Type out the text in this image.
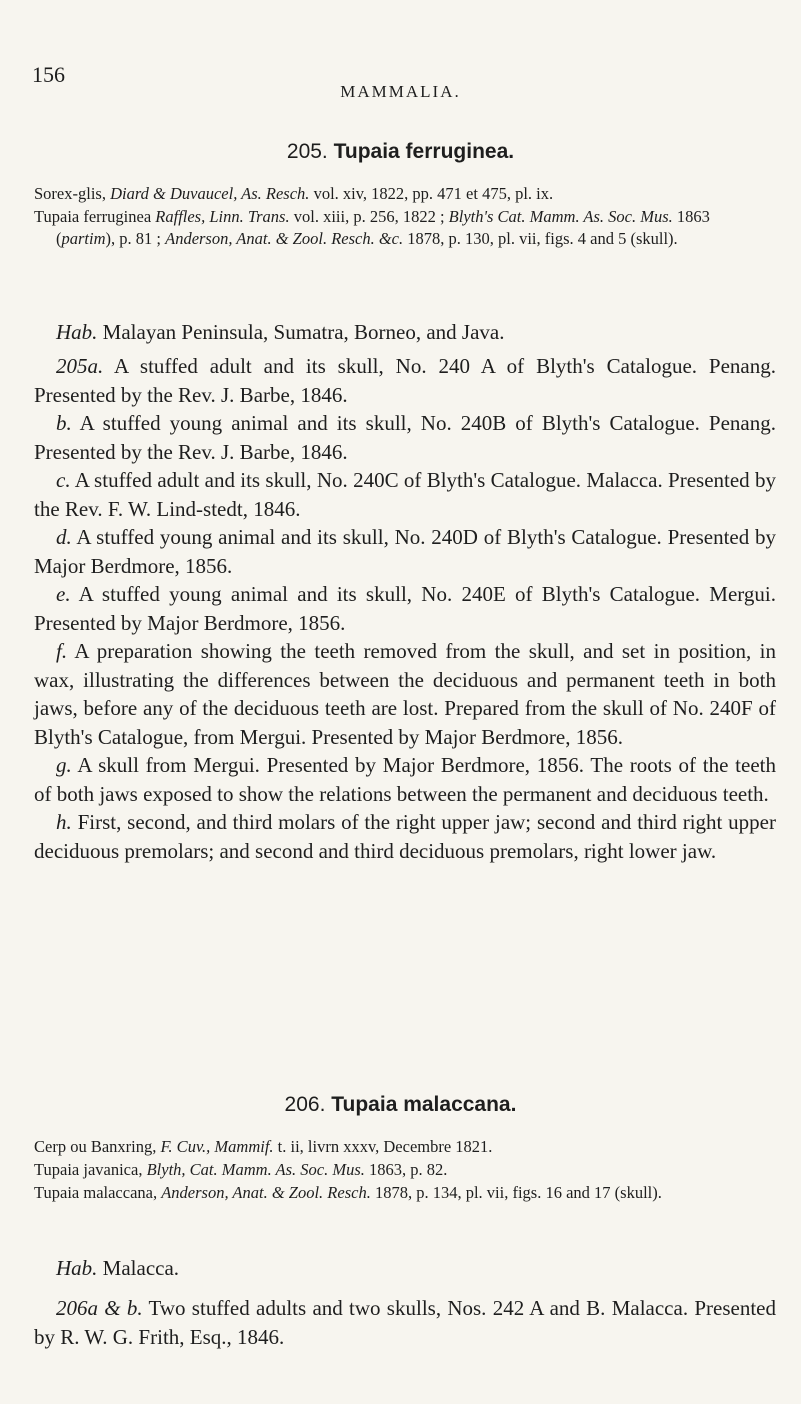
156
MAMMALIA.
205. Tupaia ferruginea.

Sorex-glis, Diard & Duvaucel, As. Resch. vol. xiv, 1822, pp. 471 et 475, pl. ix.

Tupaia ferruginea Raffles, Linn. Trans. vol. xiii, p. 256, 1822 ; Blyth's Cat. Mamm. As. Soc. Mus. 1863 (partim), p. 81 ; Anderson, Anat. & Zool. Resch. &c. 1878, p. 130, pl. vii, figs. 4 and 5 (skull).

Hab. Malayan Peninsula, Sumatra, Borneo, and Java.

205a. A stuffed adult and its skull, No. 240 A of Blyth's Catalogue. Penang. Presented by the Rev. J. Barbe, 1846.

b. A stuffed young animal and its skull, No. 240B of Blyth's Catalogue. Penang. Presented by the Rev. J. Barbe, 1846.

c. A stuffed adult and its skull, No. 240C of Blyth's Catalogue. Malacca. Presented by the Rev. F. W. Lind-stedt, 1846.

d. A stuffed young animal and its skull, No. 240D of Blyth's Catalogue. Presented by Major Berdmore, 1856.

e. A stuffed young animal and its skull, No. 240E of Blyth's Catalogue. Mergui. Presented by Major Berdmore, 1856.

f. A preparation showing the teeth removed from the skull, and set in position, in wax, illustrating the differences between the deciduous and permanent teeth in both jaws, before any of the deciduous teeth are lost. Prepared from the skull of No. 240F of Blyth's Catalogue, from Mergui. Presented by Major Berdmore, 1856.

g. A skull from Mergui. Presented by Major Berdmore, 1856. The roots of the teeth of both jaws exposed to show the relations between the permanent and deciduous teeth.

h. First, second, and third molars of the right upper jaw; second and third right upper deciduous premolars; and second and third deciduous premolars, right lower jaw.

206. Tupaia malaccana.

Cerp ou Banxring, F. Cuv., Mammif. t. ii, livrn xxxv, Decembre 1821.

Tupaia javanica, Blyth, Cat. Mamm. As. Soc. Mus. 1863, p. 82.

Tupaia malaccana, Anderson, Anat. & Zool. Resch. 1878, p. 134, pl. vii, figs. 16 and 17 (skull).

Hab. Malacca.

206a & b. Two stuffed adults and two skulls, Nos. 242 A and B. Malacca. Presented by R. W. G. Frith, Esq., 1846.
